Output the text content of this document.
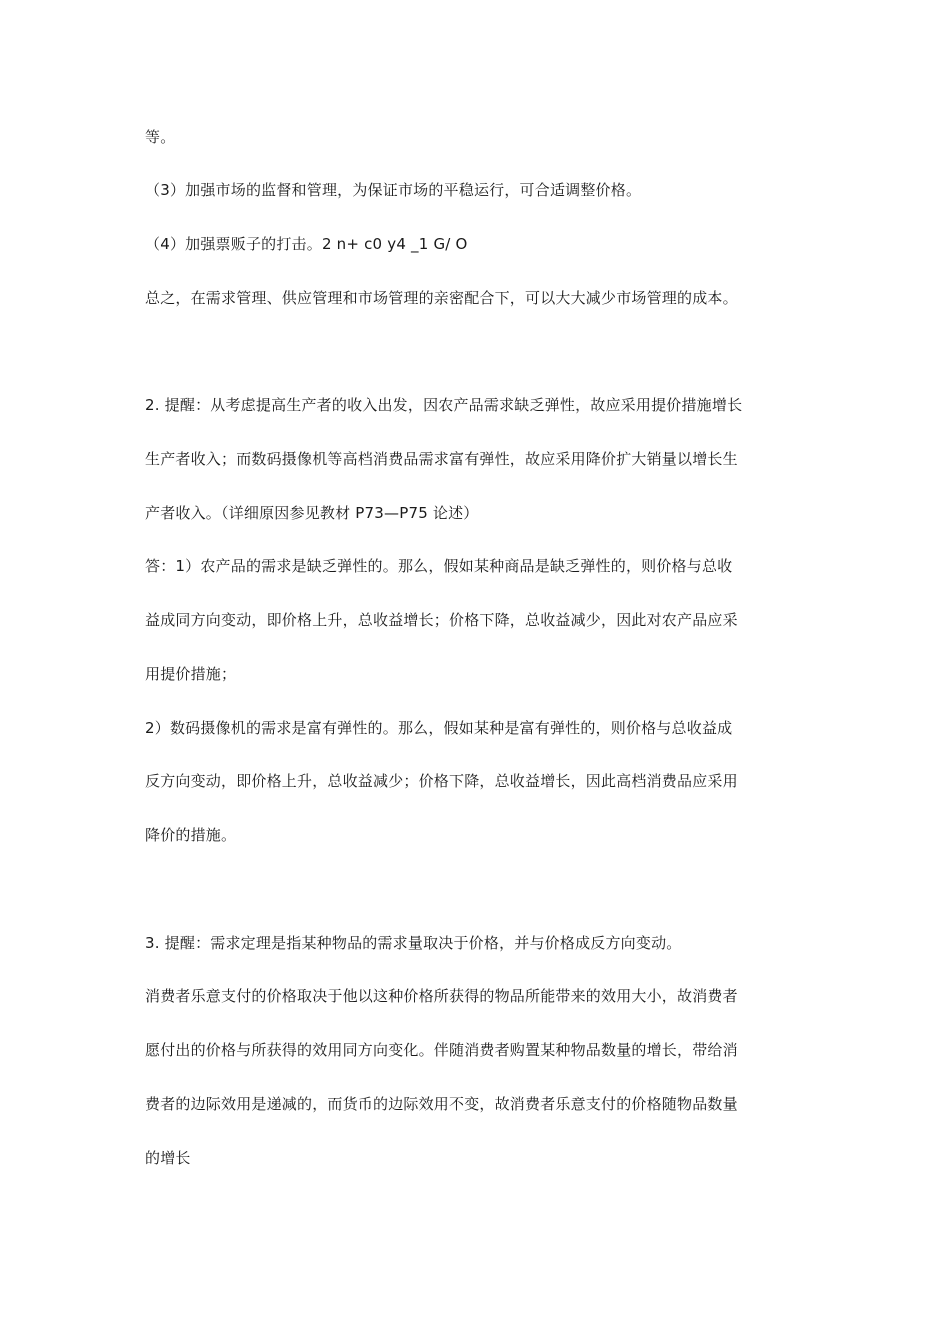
等。
（3）加强市场的监督和管理，为保证市场的平稳运行，可合适调整价格。
（4）加强票贩子的打击。2 n+ c0 y4 _1 G/ O
总之，在需求管理、供应管理和市场管理的亲密配合下，可以大大减少市场管理的成本。
2. 提醒：从考虑提高生产者的收入出发，因农产品需求缺乏弹性，故应采用提价措施增长
生产者收入；而数码摄像机等高档消费品需求富有弹性，故应采用降价扩大销量以增长生
产者收入。（详细原因参见教材 P73—P75 论述）
答：1）农产品的需求是缺乏弹性的。那么，假如某种商品是缺乏弹性的，则价格与总收
益成同方向变动，即价格上升，总收益增长；价格下降，总收益减少，因此对农产品应采
用提价措施；
2）数码摄像机的需求是富有弹性的。那么，假如某种是富有弹性的，则价格与总收益成
反方向变动，即价格上升，总收益减少；价格下降，总收益增长，因此高档消费品应采用
降价的措施。
3. 提醒：需求定理是指某种物品的需求量取决于价格，并与价格成反方向变动。
消费者乐意支付的价格取决于他以这种价格所获得的物品所能带来的效用大小，故消费者
愿付出的价格与所获得的效用同方向变化。伴随消费者购置某种物品数量的增长，带给消
费者的边际效用是递减的，而货币的边际效用不变，故消费者乐意支付的价格随物品数量
的增长
